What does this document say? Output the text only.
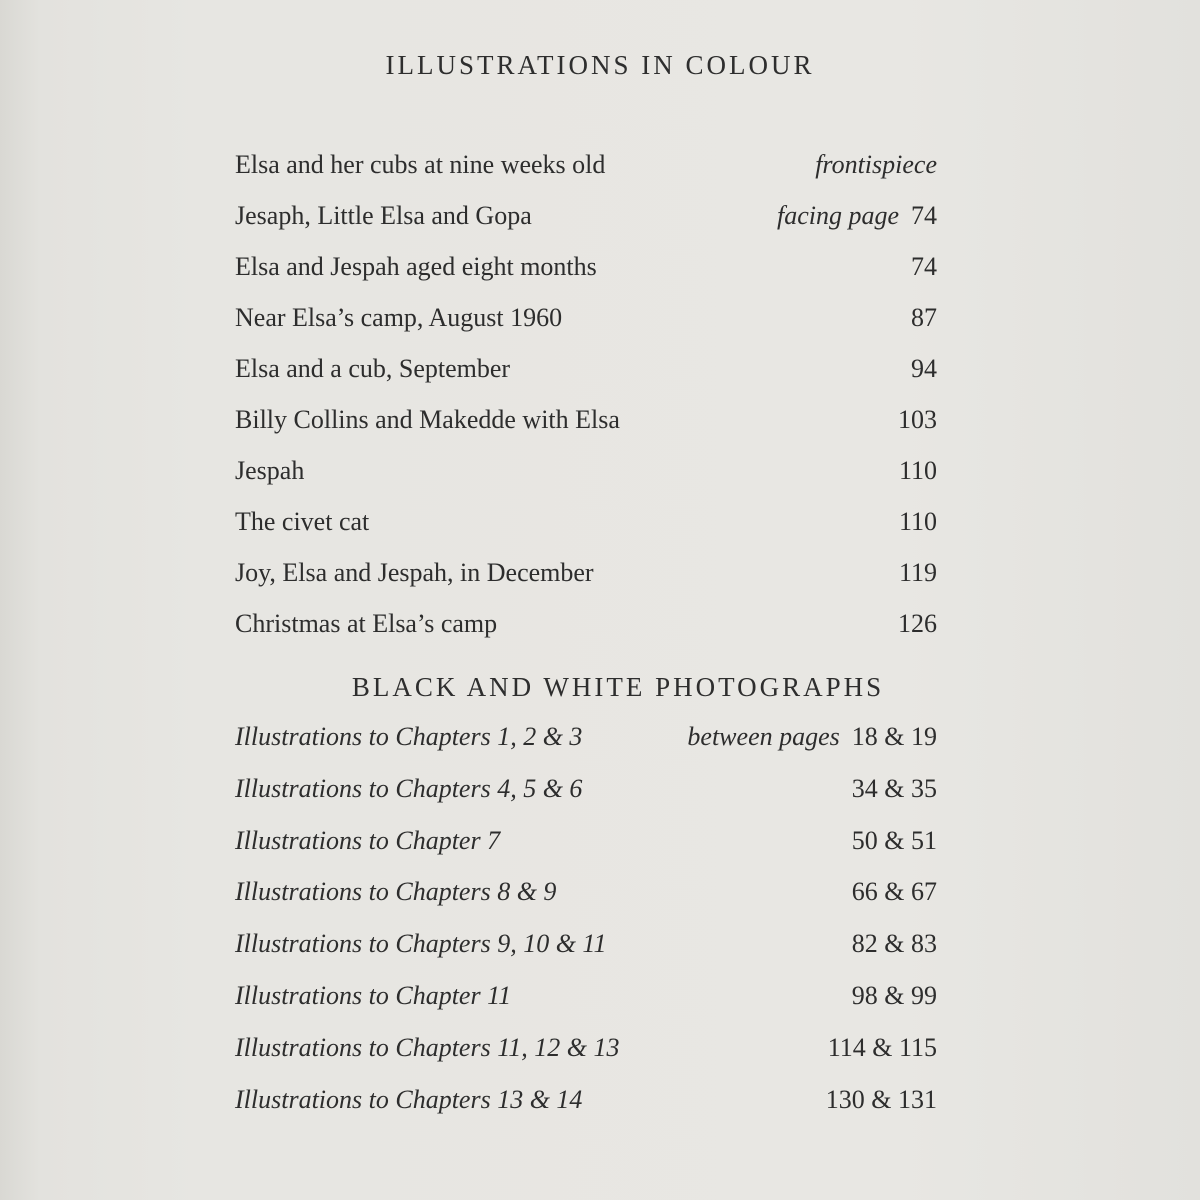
ILLUSTRATIONS IN COLOUR
Elsa and her cubs at nine weeks old	frontispiece
Jesaph, Little Elsa and Gopa	facing page 74
Elsa and Jespah aged eight months	74
Near Elsa’s camp, August 1960	87
Elsa and a cub, September	94
Billy Collins and Makedde with Elsa	103
Jespah	110
The civet cat	110
Joy, Elsa and Jespah, in December	119
Christmas at Elsa’s camp	126
BLACK AND WHITE PHOTOGRAPHS
Illustrations to Chapters 1, 2 & 3	between pages 18 & 19
Illustrations to Chapters 4, 5 & 6	34 & 35
Illustrations to Chapter 7	50 & 51
Illustrations to Chapters 8 & 9	66 & 67
Illustrations to Chapters 9, 10 & 11	82 & 83
Illustrations to Chapter 11	98 & 99
Illustrations to Chapters 11, 12 & 13	114 & 115
Illustrations to Chapters 13 & 14	130 & 131
